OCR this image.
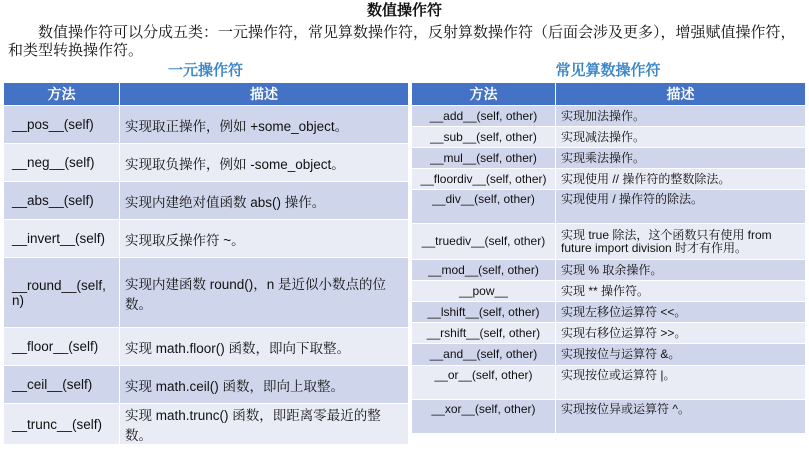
数值操作符
数值操作符可以分成五类：一元操作符，常见算数操作符，反射算数操作符（后面会涉及更多），增强赋值操作符，和类型转换操作符。
一元操作符	常见算数操作符
方法	描述
__pos__(self)	实现取正操作，例如 +some_object。
__neg__(self)	实现取负操作，例如 -some_object。
__abs__(self)	实现内建绝对值函数 abs() 操作。
__invert__(self)	实现取反操作符 ~。

__round__(self,
n)	实现内建函数 round()，n 是近似小数点的位
数。

__floor__(self)	实现 math.floor() 函数，即向下取整。
__ceil__(self)	实现 math.ceil() 函数，即向上取整。
__trunc__(self)	实现 math.trunc() 函数，即距离零最近的整数。
方法	描述
__add__(self, other)	实现加法操作。
__sub__(self, other)	实现减法操作。
__mul__(self, other)	实现乘法操作。
__floordiv__(self, other)	实现使用 // 操作符的整数除法。
__div__(self, other)	实现使用 / 操作符的除法。
__truediv__(self, other)	实现 true 除法，这个函数只有使用 from future import division 时才有作用。
__mod__(self, other)	实现 % 取余操作。
__pow__	实现 ** 操作符。
__lshift__(self, other)	实现左移位运算符 <<。
__rshift__(self, other)	实现右移位运算符 >>。
__and__(self, other)	实现按位与运算符 &。
__or__(self, other)	实现按位或运算符 |。
__xor__(self, other)	实现按位异或运算符 ^。
